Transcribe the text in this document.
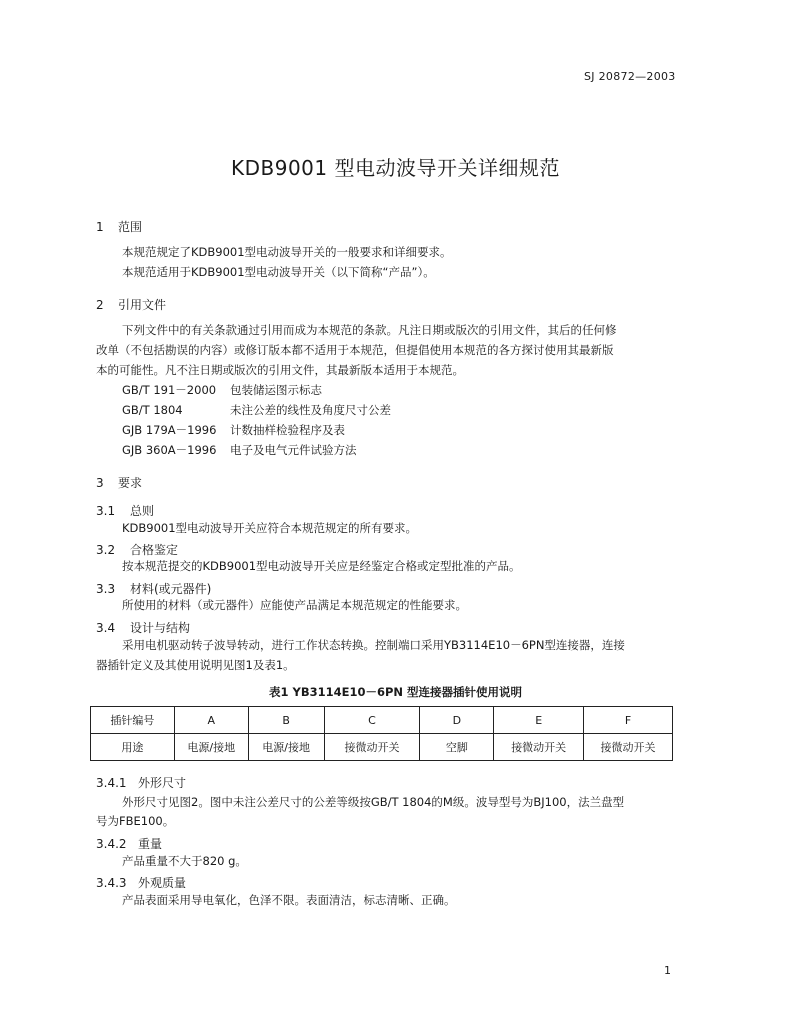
SJ 20872—2003
KDB9001 型电动波导开关详细规范
1 范围
本规范规定了KDB9001型电动波导开关的一般要求和详细要求。
本规范适用于KDB9001型电动波导开关（以下简称“产品”）。
2 引用文件
下列文件中的有关条款通过引用而成为本规范的条款。凡注日期或版次的引用文件，其后的任何修
改单（不包括勘误的内容）或修订版本都不适用于本规范，但提倡使用本规范的各方探讨使用其最新版
本的可能性。凡不注日期或版次的引用文件，其最新版本适用于本规范。
GB/T 191－2000 包装储运图示标志
GB/T 1804	未注公差的线性及角度尺寸公差
GJB 179A－1996 计数抽样检验程序及表
GJB 360A－1996 电子及电气元件试验方法
3 要求
3.1 总则
KDB9001型电动波导开关应符合本规范规定的所有要求。
3.2 合格鉴定
按本规范提交的KDB9001型电动波导开关应是经鉴定合格或定型批准的产品。
3.3 材料(或元器件)
所使用的材料（或元器件）应能使产品满足本规范规定的性能要求。
3.4 设计与结构
采用电机驱动转子波导转动，进行工作状态转换。控制端口采用YB3114E10－6PN型连接器，连接
器插针定义及其使用说明见图1及表1。
表1 YB3114E10－6PN 型连接器插针使用说明
插针编号	A	B	C	D	E	F
用途	电源/接地	电源/接地	接微动开关	空脚	接微动开关	接微动开关
3.4.1 外形尺寸
外形尺寸见图2。图中未注公差尺寸的公差等级按GB/T 1804的M级。波导型号为BJ100，法兰盘型
号为FBE100。
3.4.2 重量
产品重量不大于820 g。
3.4.3 外观质量
产品表面采用导电氧化，色泽不限。表面清洁，标志清晰、正确。
1
